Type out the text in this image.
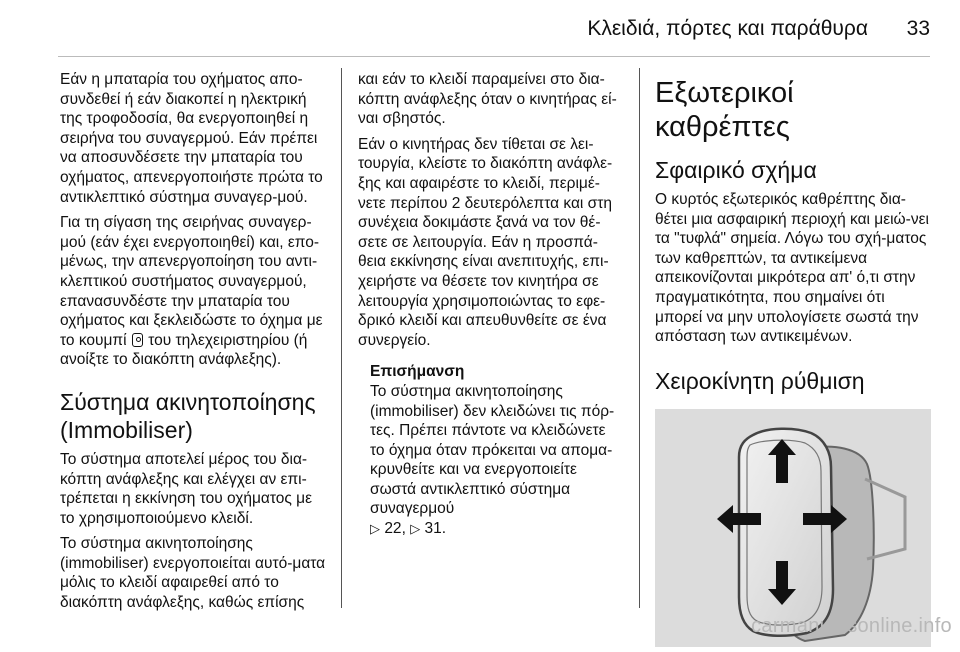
Κλειδιά, πόρτες και παράθυρα 33

Εάν η μπαταρία του οχήματος απο-συνδεθεί ή εάν διακοπεί η ηλεκτρική της τροφοδοσία, θα ενεργοποιηθεί η σειρήνα του συναγερμού. Εάν πρέπει να αποσυνδέσετε την μπαταρία του οχήματος, απενεργοποιήστε πρώτα το αντικλεπτικό σύστημα συναγερ-μού.

Για τη σίγαση της σειρήνας συναγερ-μού (εάν έχει ενεργοποιηθεί) και, επο-μένως, την απενεργοποίηση του αντι-κλεπτικού συστήματος συναγερμού, επανασυνδέστε την μπαταρία του οχήματος και ξεκλειδώστε το όχημα με το κουμπί του τηλεχειριστηρίου (ή ανοίξτε το διακόπτη ανάφλεξης).

Σύστημα ακινητοποίησης (Immobiliser)

Το σύστημα αποτελεί μέρος του δια-κόπτη ανάφλεξης και ελέγχει αν επι-τρέπεται η εκκίνηση του οχήματος με το χρησιμοποιούμενο κλειδί.

Το σύστημα ακινητοποίησης (immobiliser) ενεργοποιείται αυτό-ματα μόλις το κλειδί αφαιρεθεί από το διακόπτη ανάφλεξης, καθώς επίσης

και εάν το κλειδί παραμείνει στο δια-κόπτη ανάφλεξης όταν ο κινητήρας εί-ναι σβηστός.

Εάν ο κινητήρας δεν τίθεται σε λει-τουργία, κλείστε το διακόπτη ανάφλε-ξης και αφαιρέστε το κλειδί, περιμέ-νετε περίπου 2 δευτερόλεπτα και στη συνέχεια δοκιμάστε ξανά να τον θέ-σετε σε λειτουργία. Εάν η προσπά-θεια εκκίνησης είναι ανεπιτυχής, επι-χειρήστε να θέσετε τον κινητήρα σε λειτουργία χρησιμοποιώντας το εφε-δρικό κλειδί και απευθυνθείτε σε ένα συνεργείο.

Επισήμανση
Το σύστημα ακινητοποίησης (immobiliser) δεν κλειδώνει τις πόρ-τες. Πρέπει πάντοτε να κλειδώνετε το όχημα όταν πρόκειται να απομα-κρυνθείτε και να ενεργοποιείτε σωστά αντικλεπτικό σύστημα συναγερμού
▷ 22, ▷ 31.
Εξωτερικοί καθρέπτες
Σφαιρικό σχήμα

Ο κυρτός εξωτερικός καθρέπτης δια-θέτει μια ασφαιρική περιοχή και μειώ-νει τα "τυφλά" σημεία. Λόγω του σχή-ματος των καθρεπτών, τα αντικείμενα απεικονίζονται μικρότερα απ' ό,τι στην πραγματικότητα, που σημαίνει ότι μπορεί να μην υπολογίσετε σωστά την απόσταση των αντικειμένων.

Χειροκίνητη ρύθμιση
carmanualsonline.info
